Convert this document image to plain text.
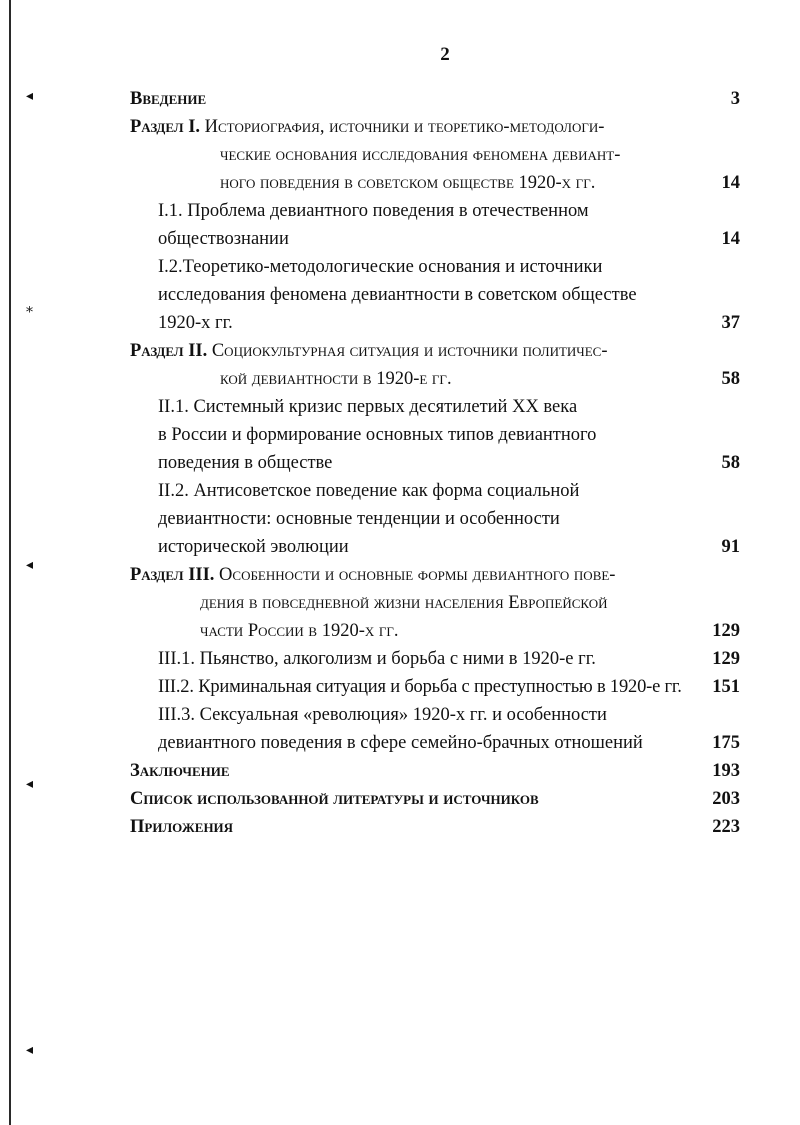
◂
⁎
◂
◂
◂
2
Введение	3
Раздел I. Историография, источники и теоретико-методологи-
ческие основания исследования феномена девиант-
ного поведения в советском обществе 1920-х гг.	14
I.1. Проблема девиантного поведения в отечественном
обществознании	14
I.2.Теоретико-методологические основания и источники
исследования феномена девиантности в советском обществе
1920-х гг.	37
Раздел II. Социокультурная ситуация и источники политичес-
кой девиантности в 1920-е гг.	58
II.1. Системный кризис первых десятилетий XX века
в России и формирование основных типов девиантного
поведения в обществе	58
II.2. Антисоветское поведение как форма социальной
девиантности: основные тенденции и особенности
исторической эволюции	91
Раздел III. Особенности и основные формы девиантного пове-
дения в повседневной жизни населения Европейской
части России в 1920-х гг.	129
III.1. Пьянство, алкоголизм и борьба с ними в 1920-е гг.	129
III.2. Криминальная ситуация и борьба с преступностью в 1920-е гг. 151
III.3. Сексуальная «революция» 1920-х гг. и особенности
девиантного поведения в сфере семейно-брачных отношений	175
Заключение	193
Список использованной литературы и источников	203
Приложения	223
